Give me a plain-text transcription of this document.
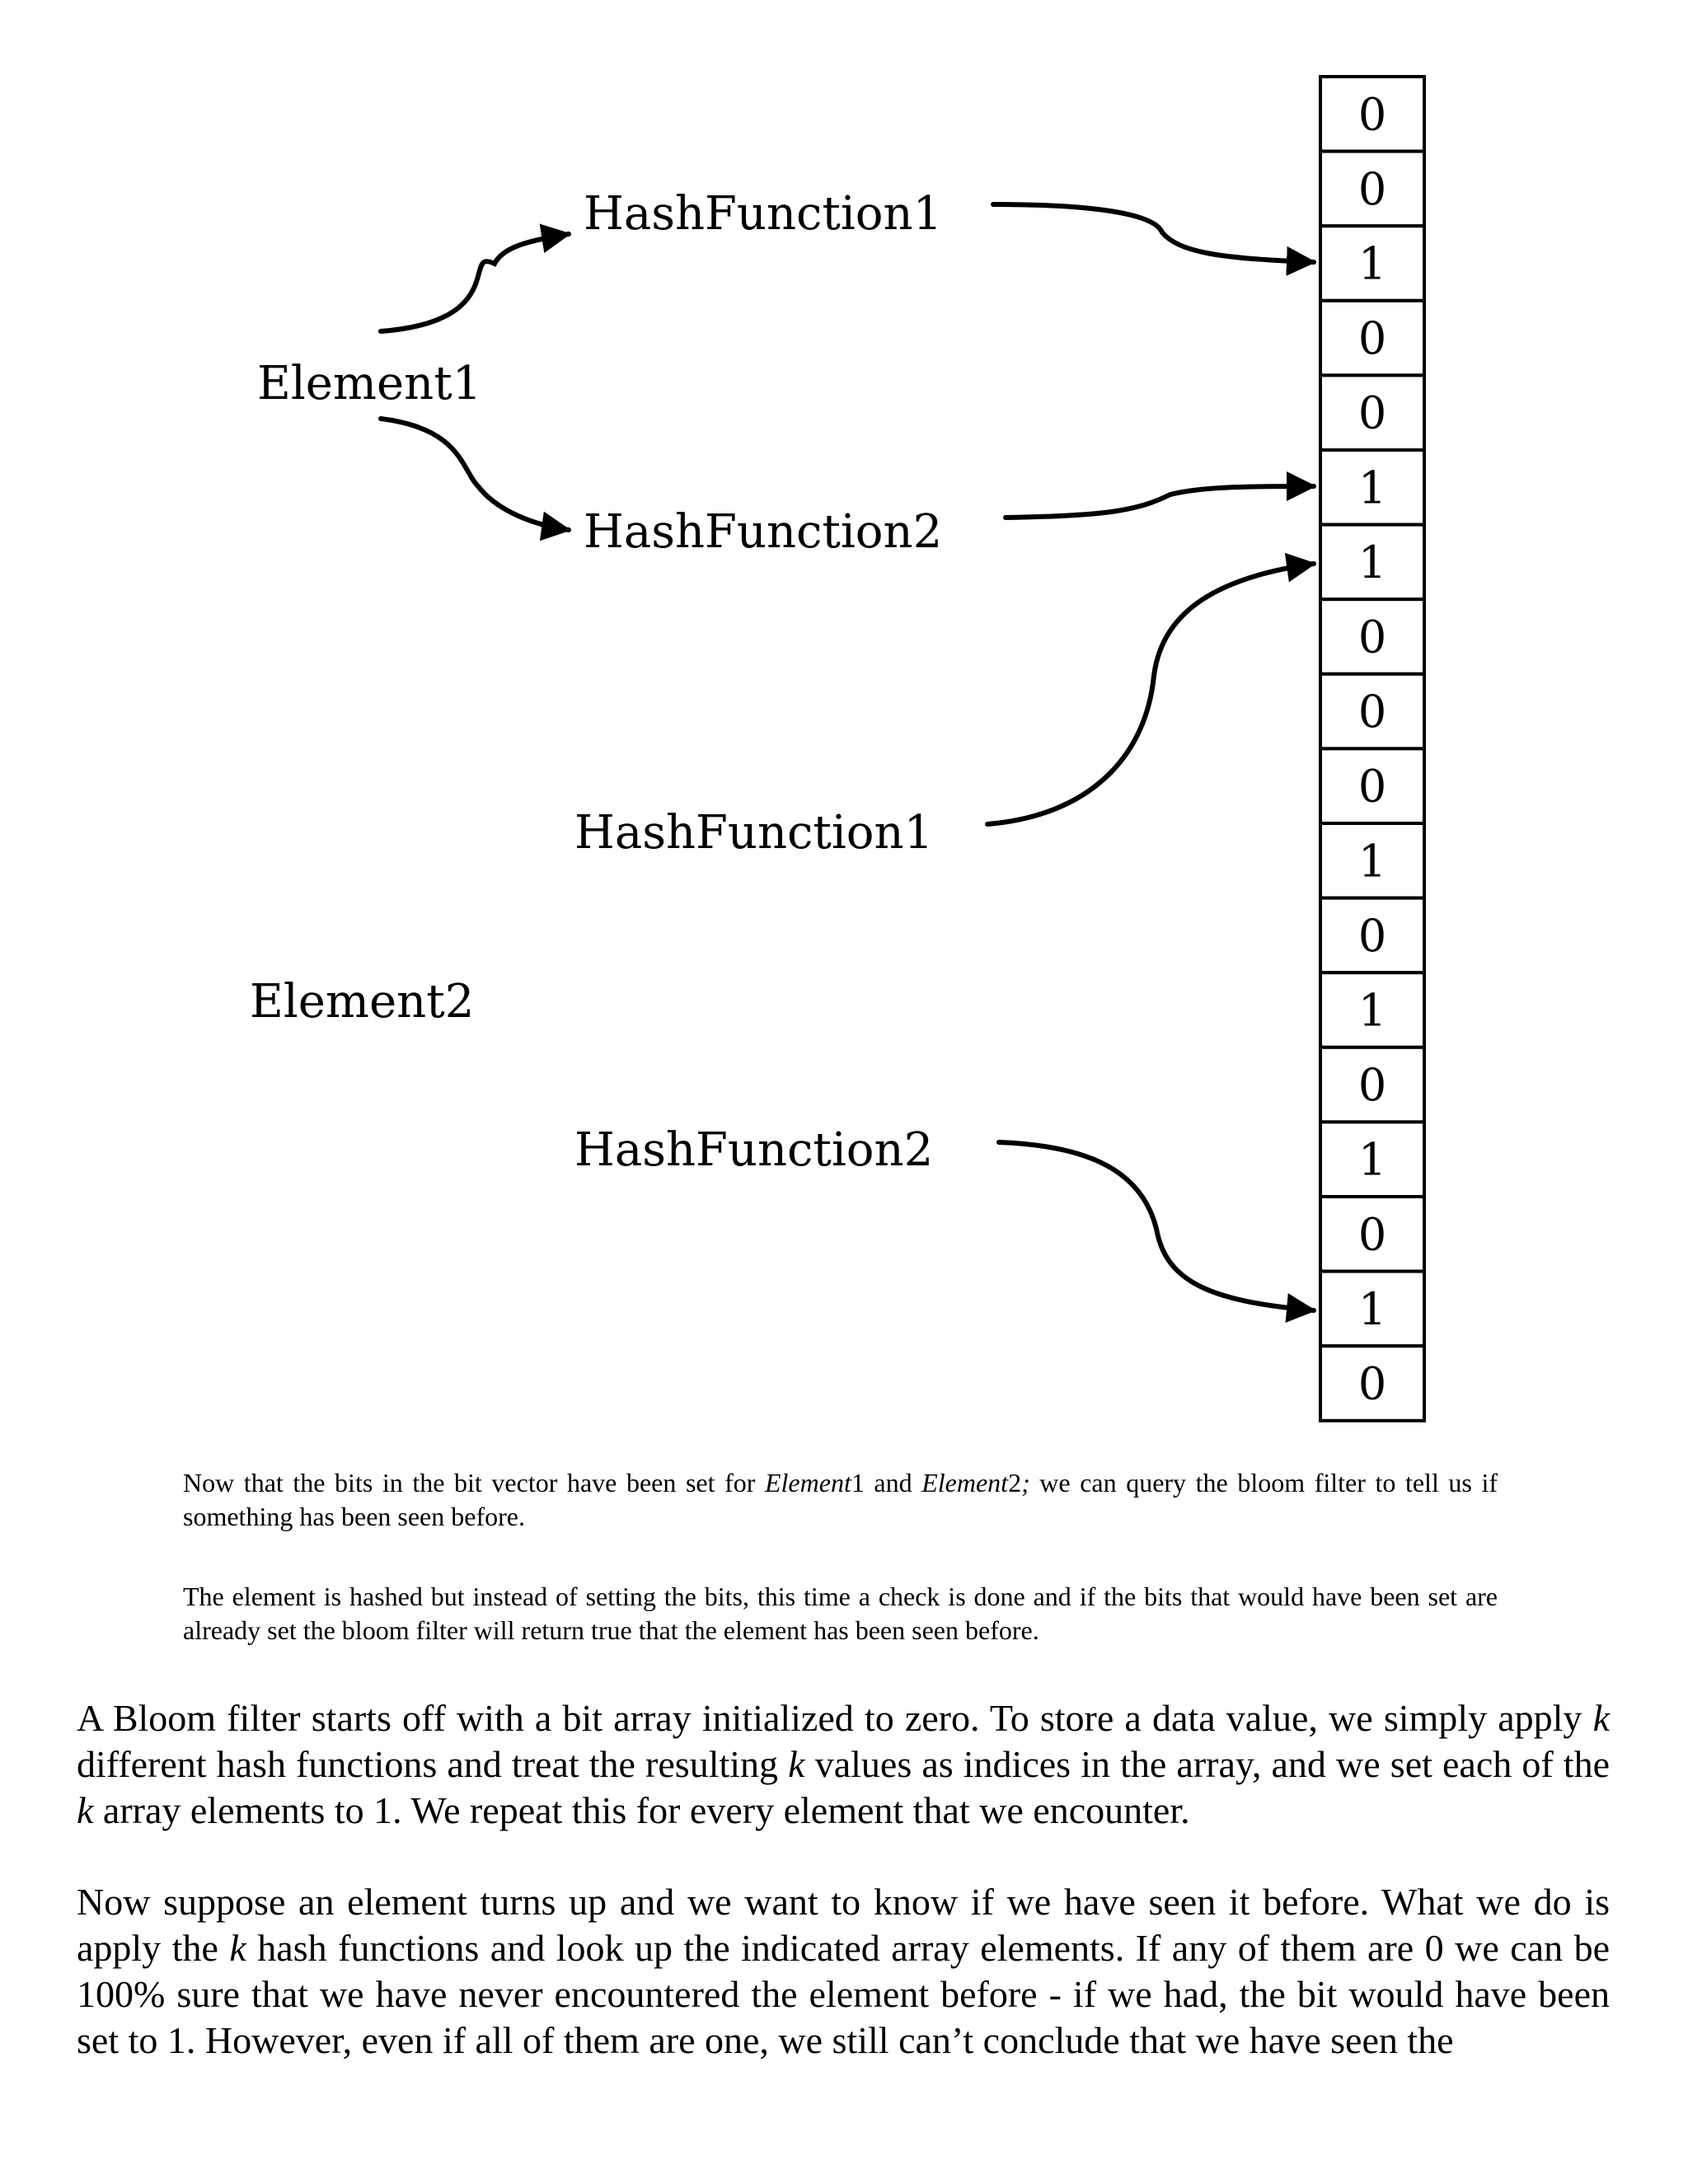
Element1
Element2
HashFunction1
HashFunction2
HashFunction1
HashFunction2
0
0
1
0
0
1
1
0
0
0
1
0
1
0
1
0
1
0

Now that the bits in the bit vector have been set for Element1 and Element2; we can query the bloom filter to tell us if something has been seen before.

The element is hashed but instead of setting the bits, this time a check is done and if the bits that would have been set are already set the bloom filter will return true that the element has been seen before.

A Bloom filter starts off with a bit array initialized to zero. To store a data value, we simply apply k different hash functions and treat the resulting k values as indices in the array, and we set each of the k array elements to 1. We repeat this for every element that we encounter.

Now suppose an element turns up and we want to know if we have seen it before. What we do is apply the k hash functions and look up the indicated array elements. If any of them are 0 we can be 100% sure that we have never encountered the element before - if we had, the bit would have been set to 1. However, even if all of them are one, we still can’t conclude that we have seen the
